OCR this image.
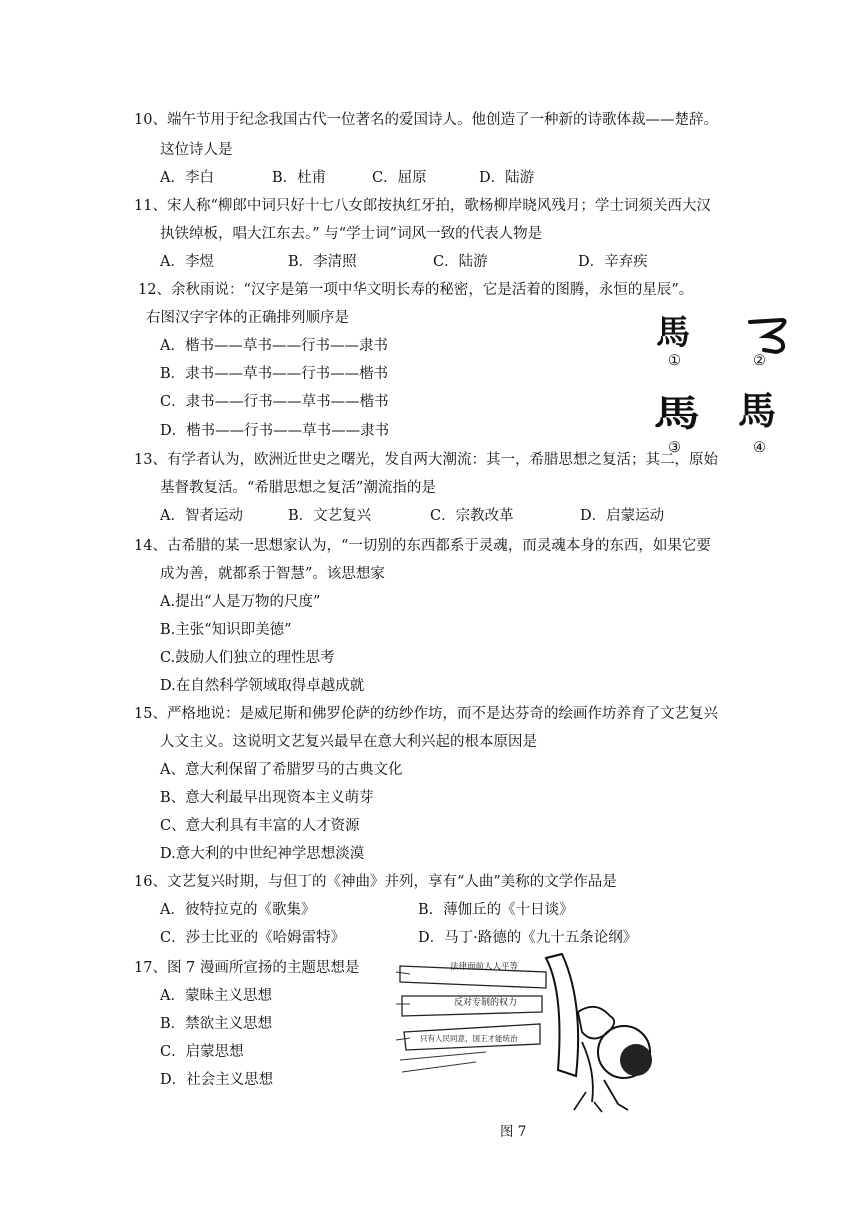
10、端午节用于纪念我国古代一位著名的爱国诗人。他创造了一种新的诗歌体裁——楚辞。
这位诗人是
A．李白	B．杜甫	C．屈原	D．陆游
11、宋人称“柳郎中词只好十七八女郎按执红牙拍，歌杨柳岸晓风残月；学士词须关西大汉
执铁绰板，唱大江东去。” 与“学士词”词风一致的代表人物是
A．李煜	B．李清照	C．陆游	D．辛弃疾
12、余秋雨说：“汉字是第一项中华文明长寿的秘密，它是活着的图腾，永恒的星辰”。
右图汉字字体的正确排列顺序是
A．楷书——草书——行书——隶书
B．隶书——草书——行书——楷书
C．隶书——行书——草书——楷书
D．楷书——行书——草书——隶书
馬
馬 馬
①	②
③	④
13、有学者认为，欧洲近世史之曙光，发自两大潮流：其一，希腊思想之复活；其二，原始
基督教复活。“希腊思想之复活”潮流指的是
A．智者运动	B．文艺复兴	C．宗教改革	D．启蒙运动
14、古希腊的某一思想家认为，“一切别的东西都系于灵魂，而灵魂本身的东西，如果它要
成为善，就都系于智慧”。该思想家
A.提出“人是万物的尺度”
B.主张“知识即美德”
C.鼓励人们独立的理性思考
D.在自然科学领域取得卓越成就
15、严格地说：是威尼斯和佛罗伦萨的纺纱作坊，而不是达芬奇的绘画作坊养育了文艺复兴
人文主义。这说明文艺复兴最早在意大利兴起的根本原因是
A、意大利保留了希腊罗马的古典文化
B、意大利最早出现资本主义萌芽
C、意大利具有丰富的人才资源
D.意大利的中世纪神学思想淡漠
16、文艺复兴时期，与但丁的《神曲》并列，享有“人曲”美称的文学作品是
A．彼特拉克的《歌集》	B．薄伽丘的《十日谈》
C．莎士比亚的《哈姆雷特》	D．马丁·路德的《九十五条论纲》
17、图 7 漫画所宣扬的主题思想是
A．蒙昧主义思想
B．禁欲主义思想
C．启蒙思想
D．社会主义思想
法律面前人人平等
反对专制的权力
只有人民同意，国王才能统治
图 7
